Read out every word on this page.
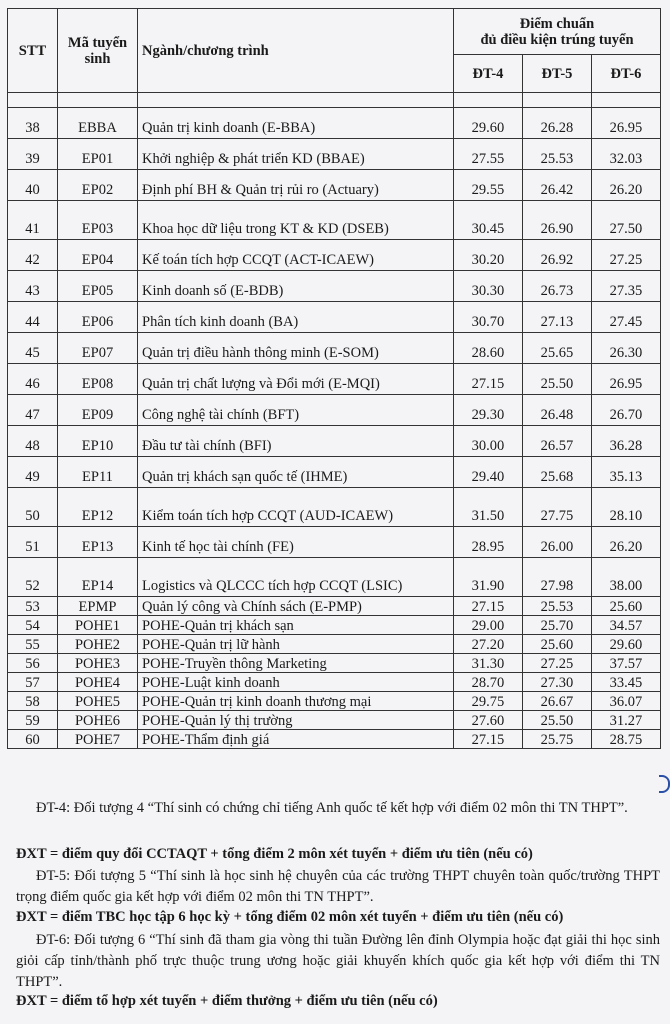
STT	Mã tuyển sinh	Ngành/chương trình	Điểm chuẩn
đủ điều kiện trúng tuyển		

			ĐT-4	ĐT-5	ĐT-6

38	EBBA	Quản trị kinh doanh (E-BBA)	29.60	26.28	26.95
39	EP01	Khởi nghiệp & phát triển KD (BBAE)	27.55	25.53	32.03
40	EP02	Định phí BH & Quản trị rủi ro (Actuary)	29.55	26.42	26.20
41	EP03	Khoa học dữ liệu trong KT & KD (DSEB)	30.45	26.90	27.50
42	EP04	Kế toán tích hợp CCQT (ACT-ICAEW)	30.20	26.92	27.25
43	EP05	Kinh doanh số (E-BDB)	30.30	26.73	27.35
44	EP06	Phân tích kinh doanh (BA)	30.70	27.13	27.45
45	EP07	Quản trị điều hành thông minh (E-SOM)	28.60	25.65	26.30
46	EP08	Quản trị chất lượng và Đổi mới (E-MQI)	27.15	25.50	26.95
47	EP09	Công nghệ tài chính (BFT)	29.30	26.48	26.70
48	EP10	Đầu tư tài chính (BFI)	30.00	26.57	36.28
49	EP11	Quản trị khách sạn quốc tế (IHME)	29.40	25.68	35.13
50	EP12	Kiểm toán tích hợp CCQT (AUD-ICAEW)	31.50	27.75	28.10
51	EP13	Kinh tế học tài chính (FE)	28.95	26.00	26.20
52	EP14	Logistics và QLCCC tích hợp CCQT (LSIC)	31.90	27.98	38.00
53	EPMP	Quản lý công và Chính sách (E-PMP)	27.15	25.53	25.60
54	POHE1	POHE-Quản trị khách sạn	29.00	25.70	34.57
55	POHE2	POHE-Quản trị lữ hành	27.20	25.60	29.60
56	POHE3	POHE-Truyền thông Marketing	31.30	27.25	37.57
57	POHE4	POHE-Luật kinh doanh	28.70	27.30	33.45
58	POHE5	POHE-Quản trị kinh doanh thương mại	29.75	26.67	36.07
59	POHE6	POHE-Quản lý thị trường	27.60	25.50	31.27
60	POHE7	POHE-Thẩm định giá	27.15	25.75	28.75
ĐT-4: Đối tượng 4 “Thí sinh có chứng chỉ tiếng Anh quốc tế kết hợp với điểm 02 môn thi TN THPT”.
ĐXT = điểm quy đổi CCTAQT + tổng điểm 2 môn xét tuyển + điểm ưu tiên (nếu có)
ĐT-5: Đối tượng 5 “Thí sinh là học sinh hệ chuyên của các trường THPT chuyên toàn quốc/trường THPT trọng điểm quốc gia kết hợp với điểm 02 môn thi TN THPT”.
ĐXT = điểm TBC học tập 6 học kỳ + tổng điểm 02 môn xét tuyển + điểm ưu tiên (nếu có)
ĐT-6: Đối tượng 6 “Thí sinh đã tham gia vòng thi tuần Đường lên đỉnh Olympia hoặc đạt giải thi học sinh giỏi cấp tỉnh/thành phố trực thuộc trung ương hoặc giải khuyến khích quốc gia kết hợp với điểm thi TN THPT”.
ĐXT = điểm tổ hợp xét tuyển + điểm thưởng + điểm ưu tiên (nếu có)
